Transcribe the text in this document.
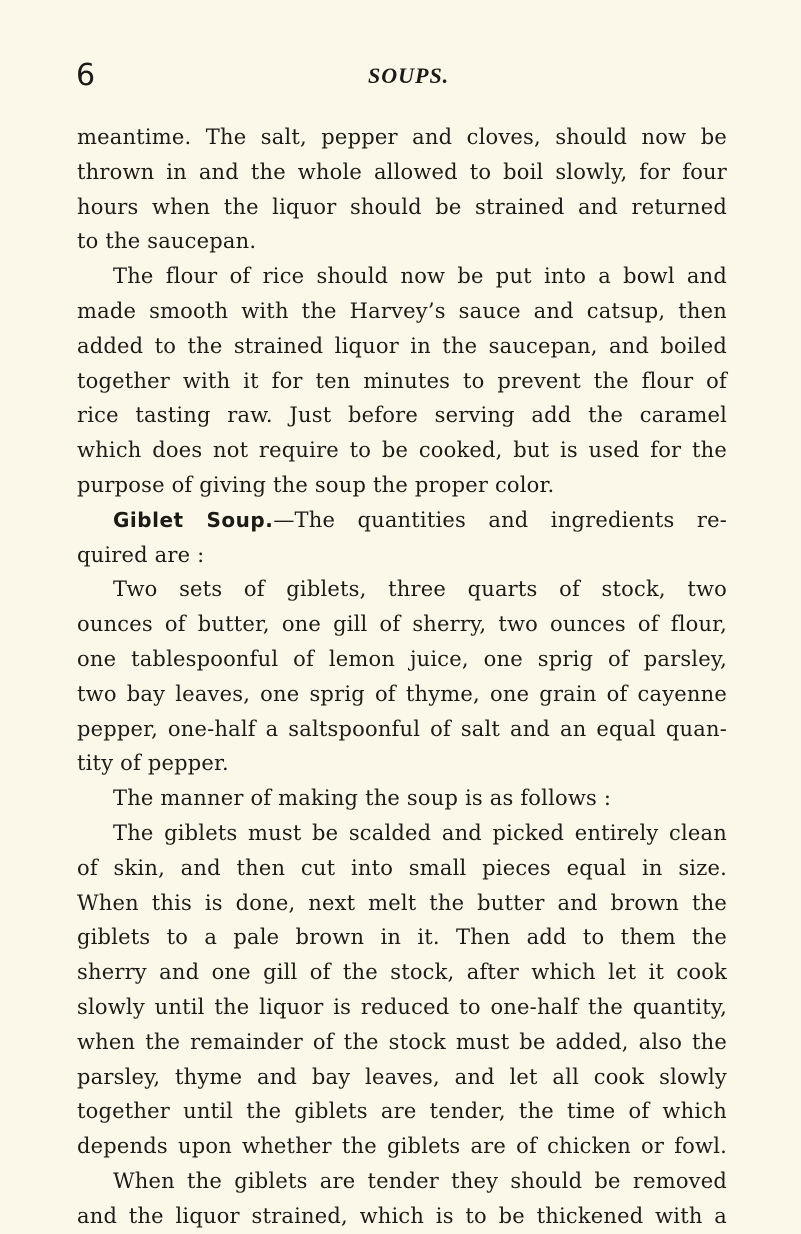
6	SOUPS.
meantime. The salt, pepper and cloves, should now be
thrown in and the whole allowed to boil slowly, for four
hours when the liquor should be strained and returned
to the saucepan.
The flour of rice should now be put into a bowl and
made smooth with the Harvey’s sauce and catsup, then
added to the strained liquor in the saucepan, and boiled
together with it for ten minutes to prevent the flour of
rice tasting raw. Just before serving add the caramel
which does not require to be cooked, but is used for the
purpose of giving the soup the proper color.
Giblet Soup.—The quantities and ingredients re-
quired are :
Two sets of giblets, three quarts of stock, two
ounces of butter, one gill of sherry, two ounces of flour,
one tablespoonful of lemon juice, one sprig of parsley,
two bay leaves, one sprig of thyme, one grain of cayenne
pepper, one-half a saltspoonful of salt and an equal quan-
tity of pepper.
The manner of making the soup is as follows :
The giblets must be scalded and picked entirely clean
of skin, and then cut into small pieces equal in size.
When this is done, next melt the butter and brown the
giblets to a pale brown in it. Then add to them the
sherry and one gill of the stock, after which let it cook
slowly until the liquor is reduced to one-half the quantity,
when the remainder of the stock must be added, also the
parsley, thyme and bay leaves, and let all cook slowly
together until the giblets are tender, the time of which
depends upon whether the giblets are of chicken or fowl.
When the giblets are tender they should be removed
and the liquor strained, which is to be thickened with a
